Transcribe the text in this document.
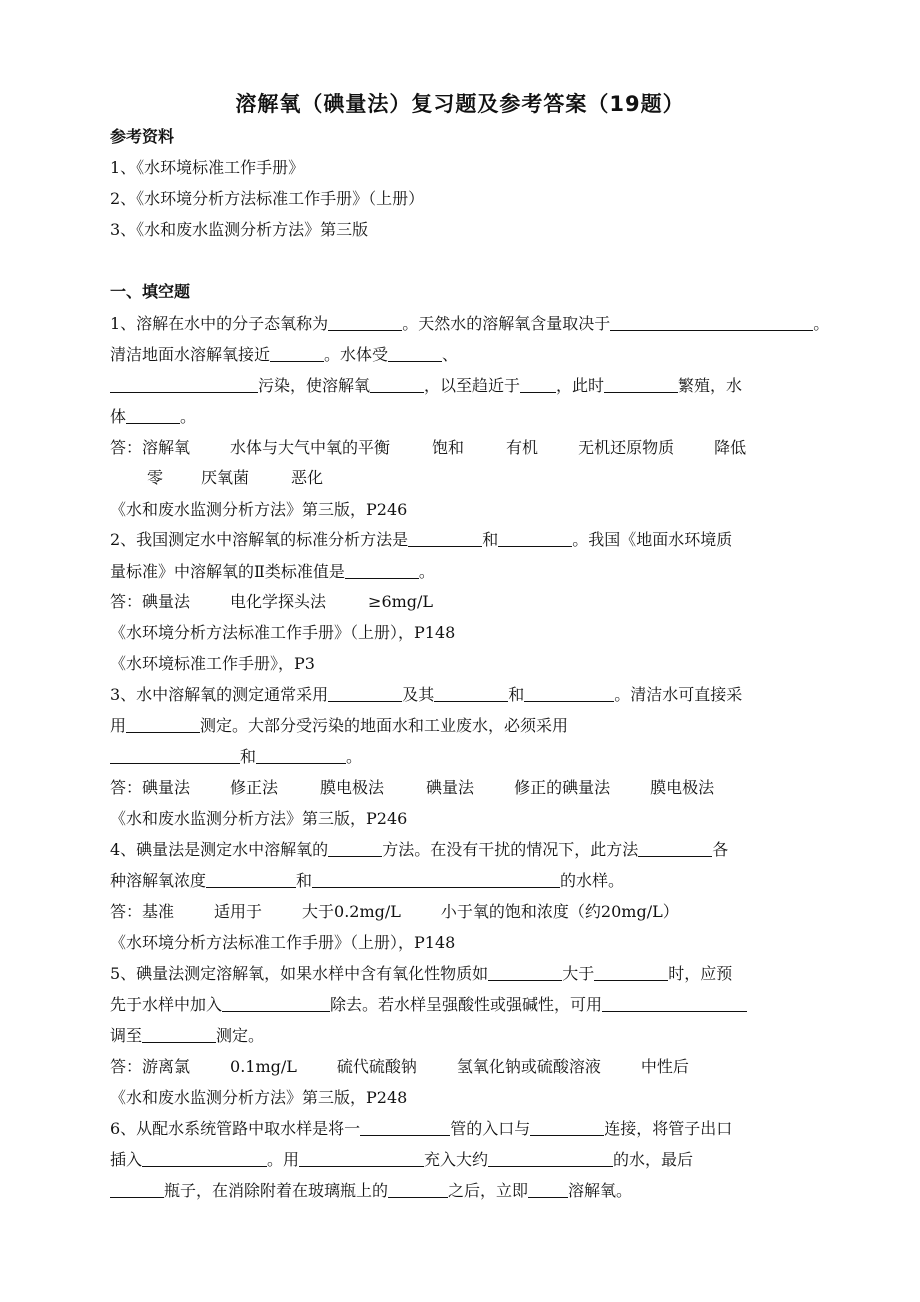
溶解氧（碘量法）复习题及参考答案（19题）
参考资料
1、《水环境标准工作手册》
2、《水环境分析方法标准工作手册》（上册）
3、《水和废水监测分析方法》第三版
一、填空题
1、溶解在水中的分子态氧称为	。天然水的溶解氧含量取决于	。
清洁地面水溶解氧接近	。水体受	、
污染，使溶解氧	，以至趋近于 ，此时	繁殖，水
体	。
答：溶解氧	水体与大气中氧的平衡	饱和	有机	无机还原物质	降低
零 厌氧菌	恶化
《水和废水监测分析方法》第三版，P246
2、我国测定水中溶解氧的标准分析方法是	和	。我国《地面水环境质
量标准》中溶解氧的Ⅱ类标准值是	。
答：碘量法	电化学探头法	≥6mg/L
《水环境分析方法标准工作手册》（上册），P148
《水环境标准工作手册》，P3
3、水中溶解氧的测定通常采用	及其	和	。清洁水可直接采
用	测定。大部分受污染的地面水和工业废水，必须采用
和	。
答：碘量法	修正法	膜电极法	碘量法	修正的碘量法	膜电极法
《水和废水监测分析方法》第三版，P246
4、碘量法是测定水中溶解氧的	方法。在没有干扰的情况下，此方法	各
种溶解氧浓度	和	的水样。
答：基准	适用于	大于0.2mg/L	小于氧的饱和浓度（约20mg/L）
《水环境分析方法标准工作手册》（上册），P148
5、碘量法测定溶解氧，如果水样中含有氧化性物质如	大于	时，应预
先于水样中加入	除去。若水样呈强酸性或强碱性，可用
调至	测定。
答：游离氯	0.1mg/L	硫代硫酸钠	氢氧化钠或硫酸溶液	中性后
《水和废水监测分析方法》第三版，P248
6、从配水系统管路中取水样是将一	管的入口与	连接，将管子出口
插入	。用	充入大约	的水，最后
瓶子，在消除附着在玻璃瓶上的	之后，立即	溶解氧。
